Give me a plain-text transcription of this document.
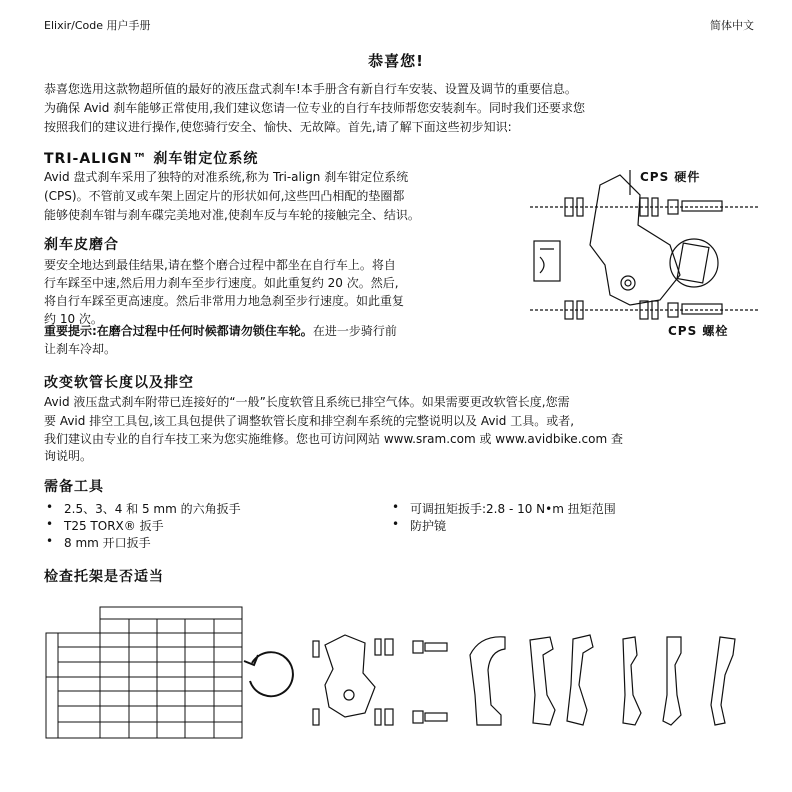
Elixir/Code 用户手册	简体中文
恭喜您!
恭喜您选用这款物超所值的最好的液压盘式刹车!本手册含有新自行车安装、设置及调节的重要信息。
为确保 Avid 刹车能够正常使用,我们建议您请一位专业的自行车技师帮您安装刹车。同时我们还要求您
按照我们的建议进行操作,使您骑行安全、愉快、无故障。首先,请了解下面这些初步知识:
TRI-ALIGN™ 刹车钳定位系统
Avid 盘式刹车采用了独特的对准系统,称为 Tri-align 刹车钳定位系统
(CPS)。不管前叉或车架上固定片的形状如何,这些凹凸相配的垫圈都
能够使刹车钳与刹车碟完美地对准,使刹车反与车轮的接触完全、结识。
刹车皮磨合
要安全地达到最佳结果,请在整个磨合过程中都坐在自行车上。将自
行车踩至中速,然后用力刹车至步行速度。如此重复约 20 次。然后,
将自行车踩至更高速度。然后非常用力地急刹至步行速度。如此重复
约 10 次。
重要提示:在磨合过程中任何时候都请勿锁住车轮。在进一步骑行前
让刹车冷却。
CPS 硬件
CPS 螺栓
改变软管长度以及排空
Avid 液压盘式刹车附带已连接好的“一般”长度软管且系统已排空气体。如果需要更改软管长度,您需
要 Avid 排空工具包,该工具包提供了调整软管长度和排空刹车系统的完整说明以及 Avid 工具。或者,
我们建议由专业的自行车技工来为您实施维修。您也可访问网站 www.sram.com 或 www.avidbike.com 查
询说明。
需备工具
• 2.5、3、4 和 5 mm 的六角扳手
• T25 TORX® 扳手
• 8 mm 开口扳手
• 可调扭矩扳手:2.8 - 10 N•m 扭矩范围
• 防护镜
检查托架是否适当
